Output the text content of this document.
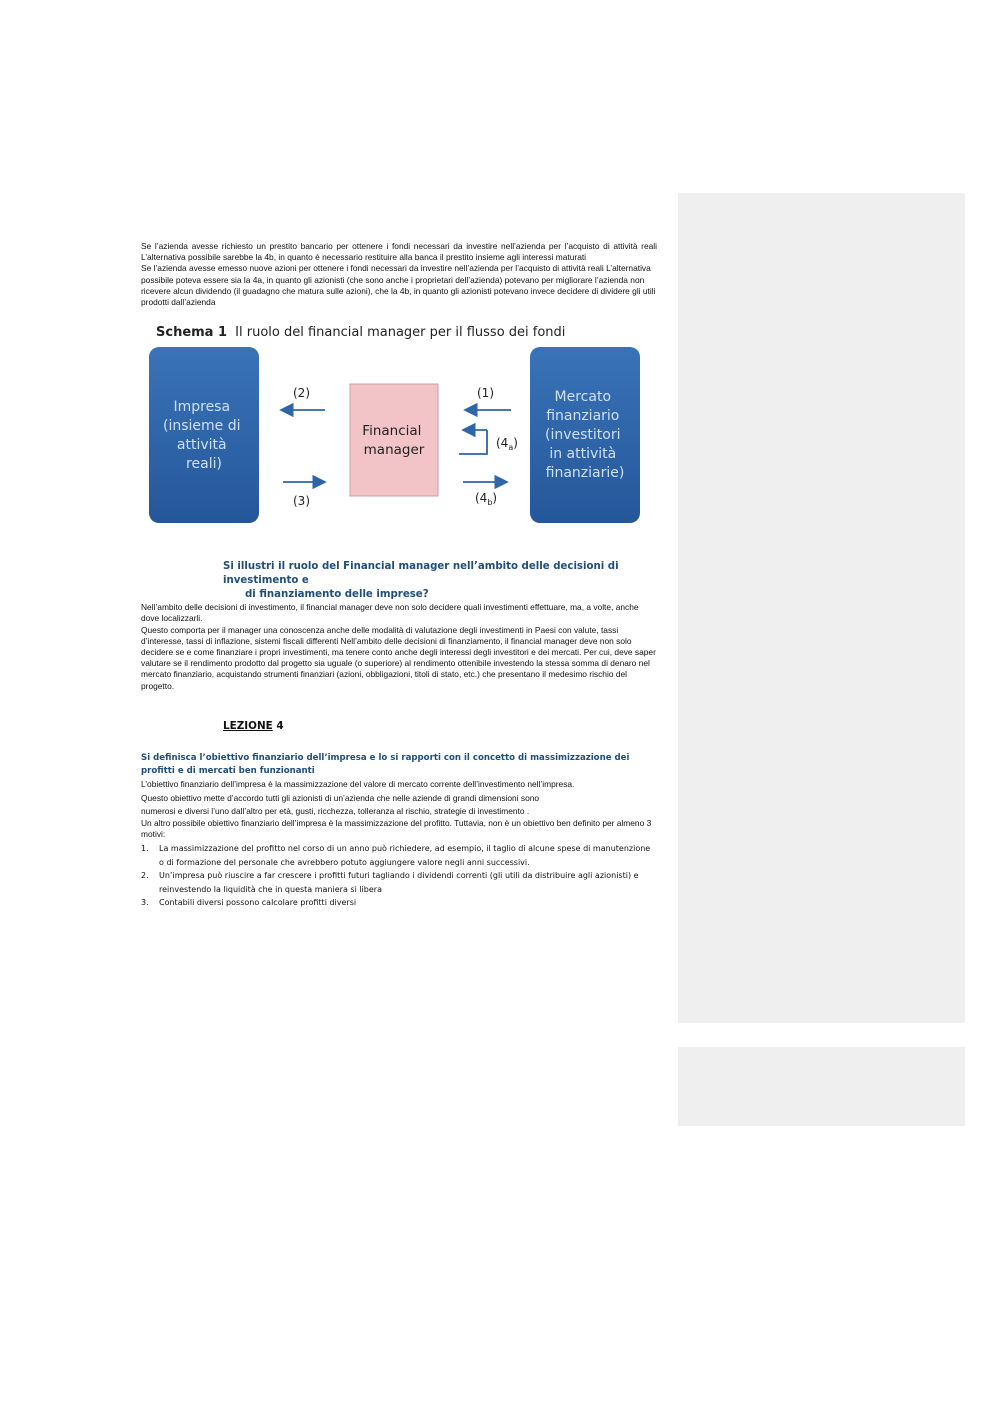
Se l’azienda avesse richiesto un prestito bancario per ottenere i fondi necessari da investire nell’azienda per l’acquisto di attività reali L’alternativa possibile sarebbe la 4b, in quanto è necessario restituire alla banca il prestito insieme agli interessi maturati

Se l’azienda avesse emesso nuove azioni per ottenere i fondi necessari da investire nell’azienda per l’acquisto di attività reali L’alternativa possibile poteva essere sia la 4a, in quanto gli azionisti (che sono anche i proprietari dell’azienda) potevano per migliorare l’azienda non ricevere alcun dividendo (il guadagno che matura sulle azioni), che la 4b, in quanto gli azionisti potevano invece decidere di dividere gli utili prodotti dall’azienda

Schema 1 Il ruolo del financial manager per il flusso dei fondi
Impresa (insieme di attività reali)
Financial manager
Mercato finanziario (investitori in attività finanziarie)
(2)	(1)
$(4_a)$
(3)	$(4_b)$
Si illustri il ruolo del Financial manager nell’ambito delle decisioni di investimento e
di finanziamento delle imprese?

Nell’ambito delle decisioni di investimento, il financial manager deve non solo decidere quali investimenti effettuare, ma, a volte, anche dove localizzarli.

Questo comporta per il manager una conoscenza anche delle modalità di valutazione degli investimenti in Paesi con valute, tassi d’interesse, tassi di inflazione, sistemi fiscali differenti Nell’ambito delle decisioni di finanziamento, il financial manager deve non solo decidere se e come finanziare i propri investimenti, ma tenere conto anche degli interessi degli investitori e dei mercati. Per cui, deve saper valutare se il rendimento prodotto dal progetto sia uguale (o superiore) al rendimento ottenibile investendo la stessa somma di denaro nel mercato finanziario, acquistando strumenti finanziari (azioni, obbligazioni, titoli di stato, etc.) che presentano il medesimo rischio del progetto.

LEZIONE 4
Si definisca l’obiettivo finanziario dell’impresa e lo si rapporti con il concetto di massimizzazione dei profitti e di mercati ben funzionanti

L’obiettivo finanziario dell’impresa è la massimizzazione del valore di mercato corrente dell’investimento nell’impresa.

Questo obiettivo mette d’accordo tutti gli azionisti di un’azienda che nelle aziende di grandi dimensioni sono

numerosi e diversi l’uno dall’altro per età, gusti, ricchezza, tolleranza al rischio, strategie di investimento .

Un altro possibile obiettivo finanziario dell’impresa è la massimizzazione del profitto. Tuttavia, non è un obiettivo ben definito per almeno 3 motivi:

1. La massimizzazione del profitto nel corso di un anno può richiedere, ad esempio, il taglio di alcune spese di manutenzione o di formazione del personale che avrebbero potuto aggiungere valore negli anni successivi.
2. Un’impresa può riuscire a far crescere i profitti futuri tagliando i dividendi correnti (gli utili da distribuire agli azionisti) e reinvestendo la liquidità che in questa maniera si libera
3. Contabili diversi possono calcolare profitti diversi
